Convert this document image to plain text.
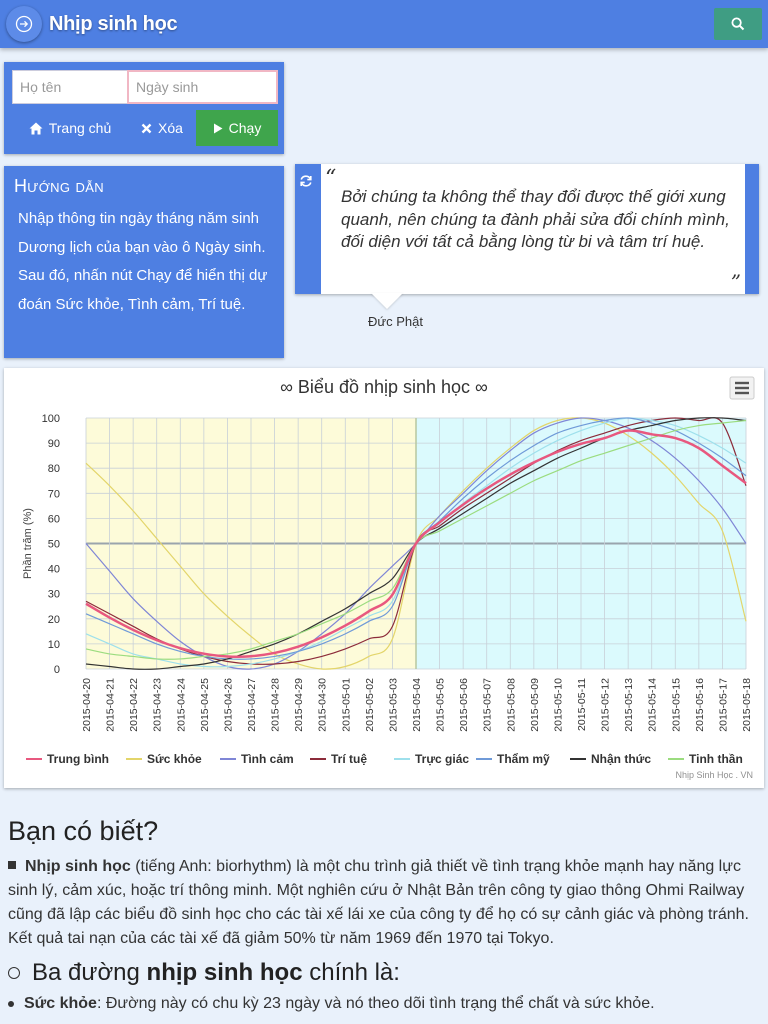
Nhịp sinh học
Họ tên
Ngày sinh
Trang chủ	Xóa	Chạy
Hướng dẫn
Nhập thông tin ngày tháng năm sinh Dương lịch của bạn vào ô Ngày sinh. Sau đó, nhấn nút Chạy để hiển thị dự đoán Sức khỏe, Tình cảm, Trí tuệ.
“
Bởi chúng ta không thể thay đổi được thế giới xung quanh, nên chúng ta đành phải sửa đổi chính mình, đối diện với tất cả bằng lòng từ bi và tâm trí huệ.
”
Đức Phật
∞ Biểu đồ nhịp sinh học ∞
0
10
20
30
40
50
60
70
80
90
100
Phần trăm (%)
2015-04-20 2015-04-21 2015-04-22 2015-04-23 2015-04-24 2015-04-25 2015-04-26 2015-04-27 2015-04-28 2015-04-29 2015-04-30 2015-05-01 2015-05-02 2015-05-03 2015-05-04 2015-05-05 2015-05-06 2015-05-07 2015-05-08 2015-05-09 2015-05-10 2015-05-11 2015-05-12 2015-05-13 2015-05-14 2015-05-15 2015-05-16 2015-05-17 2015-05-18
Trung bình	Sức khỏe	Tình cảm	Trí tuệ	Trực giác Thẩm mỹ	Nhận thức	Tinh thần
Nhịp Sinh Học . VN
Bạn có biết?
Nhịp sinh học (tiếng Anh: biorhythm) là một chu trình giả thiết về tình trạng khỏe mạnh hay năng lực sinh lý, cảm xúc, hoặc trí thông minh. Một nghiên cứu ở Nhật Bản trên công ty giao thông Ohmi Railway cũng đã lập các biểu đồ sinh học cho các tài xế lái xe của công ty để họ có sự cảnh giác và phòng tránh. Kết quả tai nạn của các tài xế đã giảm 50% từ năm 1969 đến 1970 tại Tokyo.
Ba đường nhịp sinh học chính là:
Sức khỏe : Đường này có chu kỳ 23 ngày và nó theo dõi tình trạng thể chất và sức khỏe.
